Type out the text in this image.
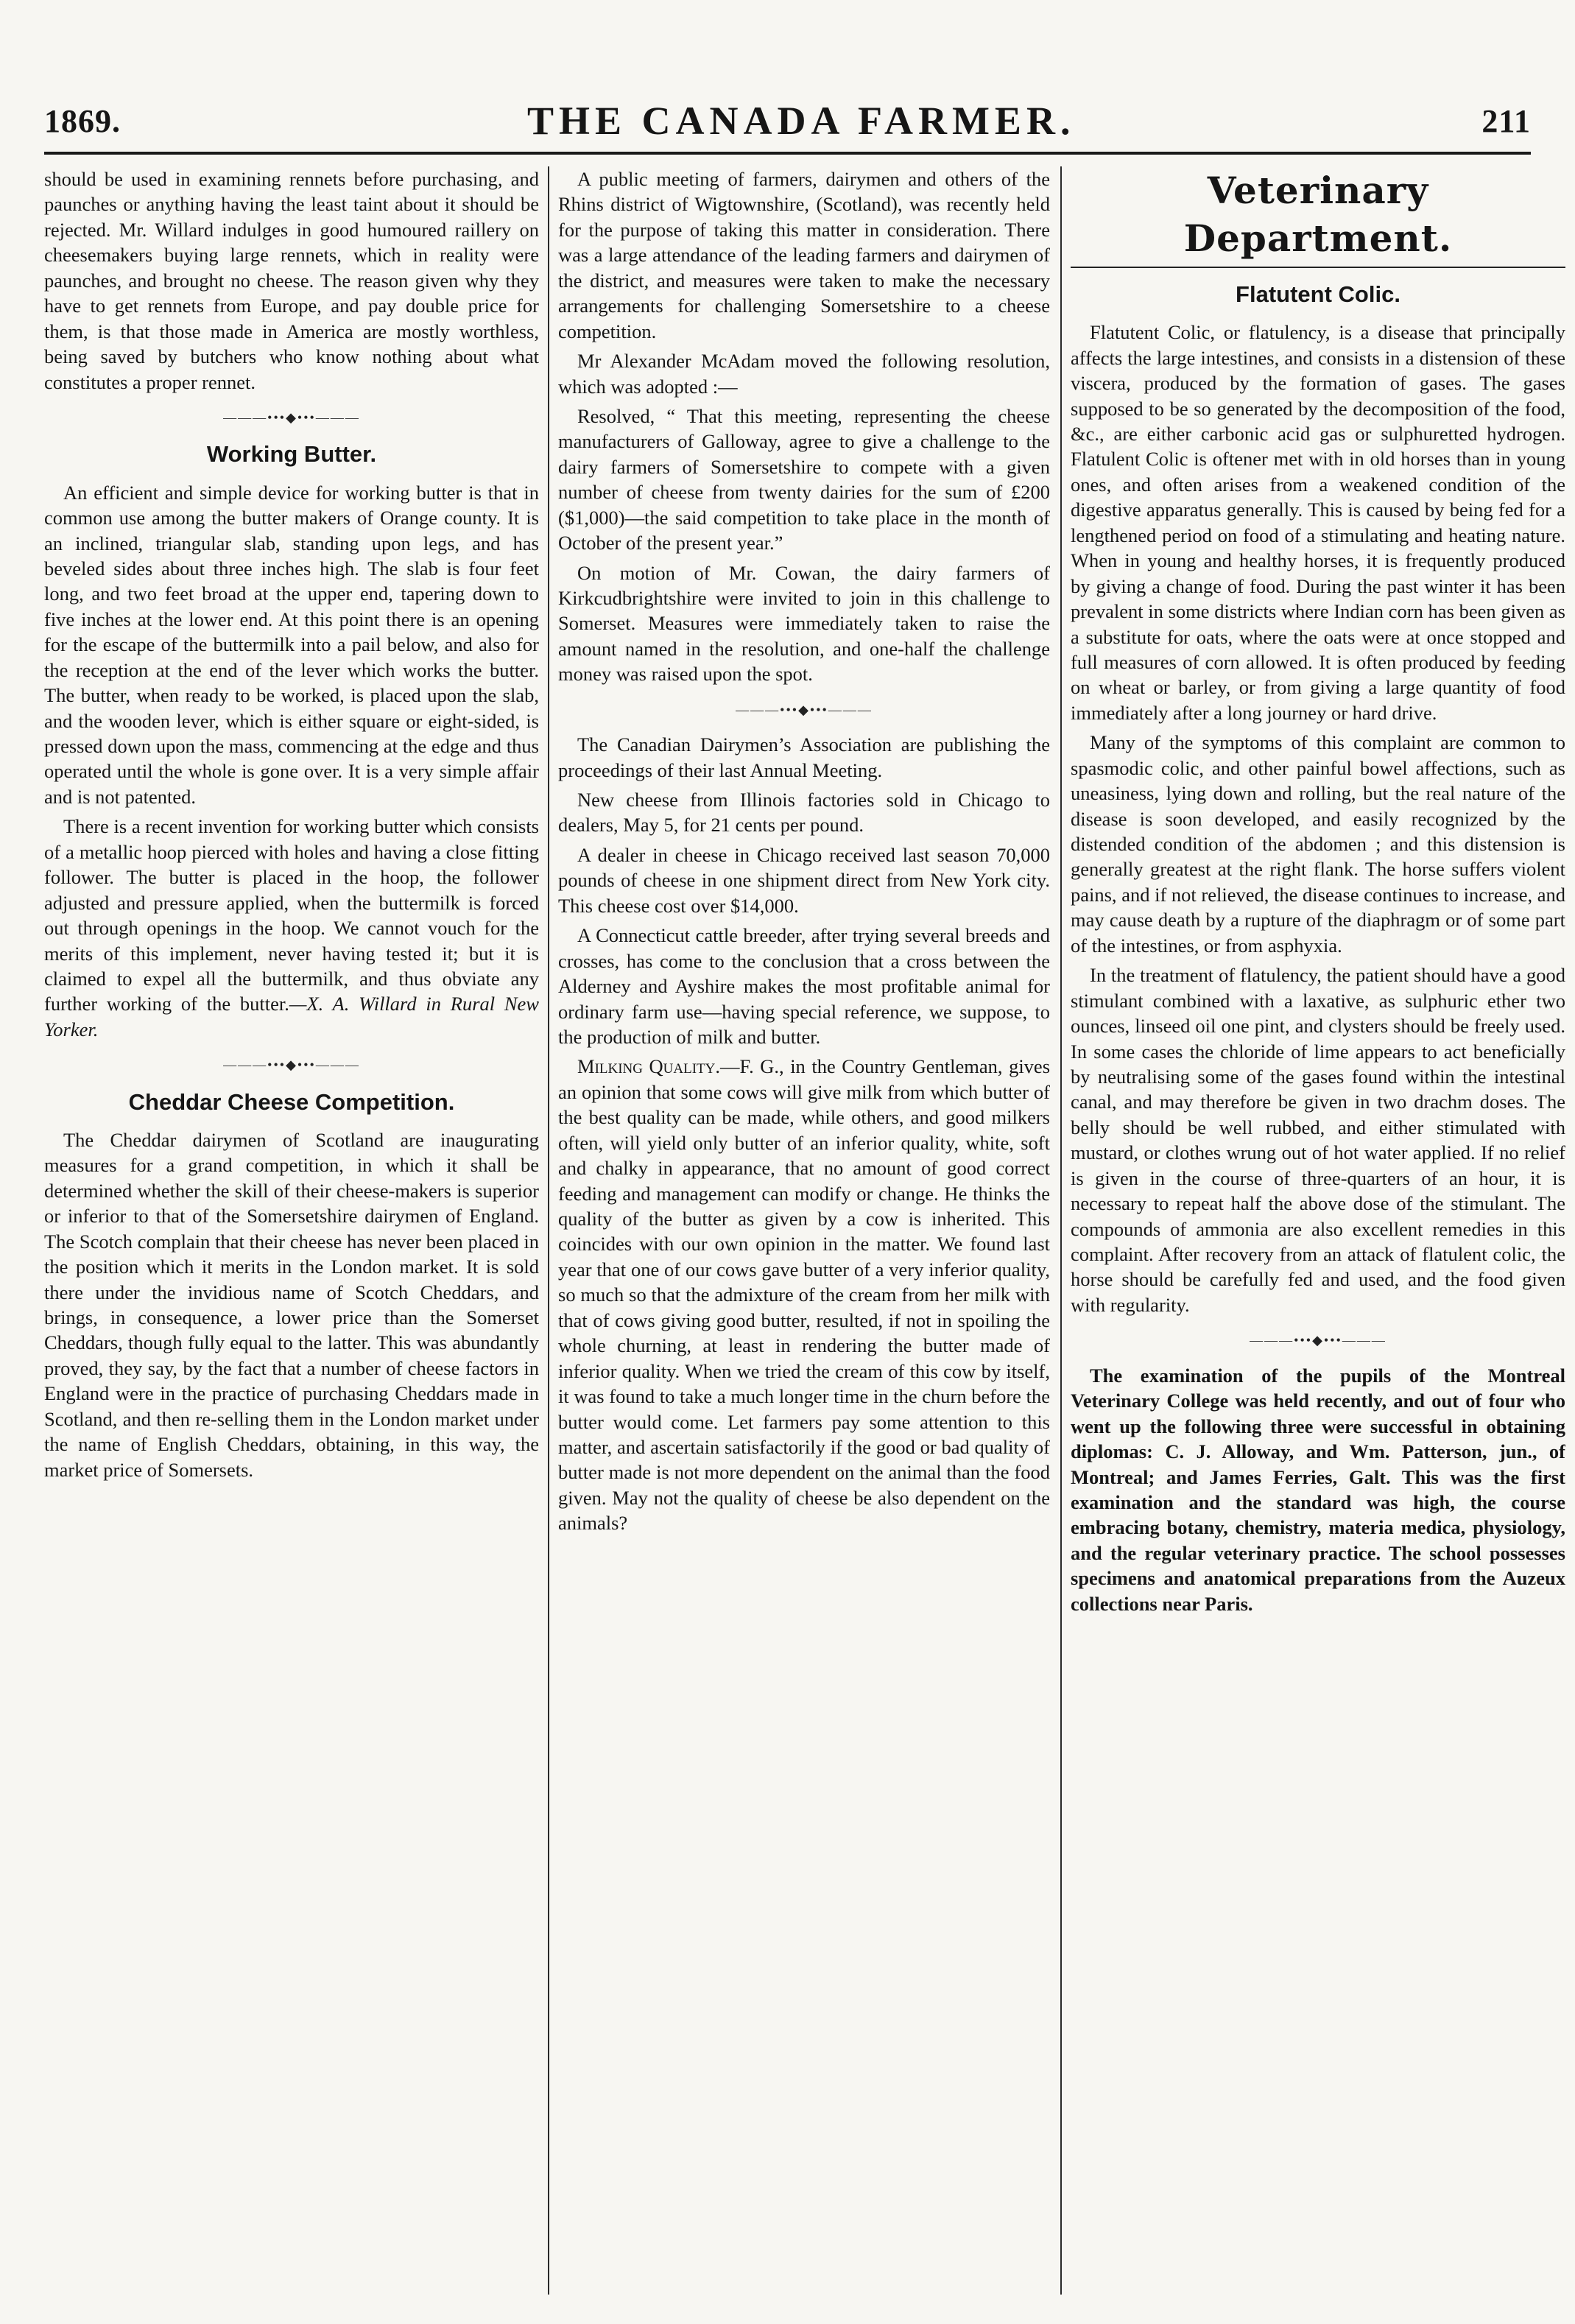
1869.	THE CANADA FARMER.	211

should be used in examining rennets before purchasing, and paunches or anything having the least taint about it should be rejected. Mr. Willard indulges in good humoured raillery on cheesemakers buying large rennets, which in reality were paunches, and brought no cheese. The reason given why they have to get rennets from Europe, and pay double price for them, is that those made in America are mostly worthless, being saved by butchers who know nothing about what constitutes a proper rennet.

———•••◆•••———
Working Butter.

An efficient and simple device for working butter is that in common use among the butter makers of Orange county. It is an inclined, triangular slab, standing upon legs, and has beveled sides about three inches high. The slab is four feet long, and two feet broad at the upper end, tapering down to five inches at the lower end. At this point there is an opening for the escape of the buttermilk into a pail below, and also for the reception at the end of the lever which works the butter. The butter, when ready to be worked, is placed upon the slab, and the wooden lever, which is either square or eight-sided, is pressed down upon the mass, commencing at the edge and thus operated until the whole is gone over. It is a very simple affair and is not patented.

There is a recent invention for working butter which consists of a metallic hoop pierced with holes and having a close fitting follower. The butter is placed in the hoop, the follower adjusted and pressure applied, when the buttermilk is forced out through openings in the hoop. We cannot vouch for the merits of this implement, never having tested it; but it is claimed to expel all the buttermilk, and thus obviate any further working of the butter.—X. A. Willard in Rural New Yorker.

———•••◆•••———
Cheddar Cheese Competition.

The Cheddar dairymen of Scotland are inaugurating measures for a grand competition, in which it shall be determined whether the skill of their cheese-makers is superior or inferior to that of the Somersetshire dairymen of England. The Scotch complain that their cheese has never been placed in the position which it merits in the London market. It is sold there under the invidious name of Scotch Cheddars, and brings, in consequence, a lower price than the Somerset Cheddars, though fully equal to the latter. This was abundantly proved, they say, by the fact that a number of cheese factors in England were in the practice of purchasing Cheddars made in Scotland, and then re-selling them in the London market under the name of English Cheddars, obtaining, in this way, the market price of Somersets.

A public meeting of farmers, dairymen and others of the Rhins district of Wigtownshire, (Scotland), was recently held for the purpose of taking this matter in consideration. There was a large attendance of the leading farmers and dairymen of the district, and measures were taken to make the necessary arrangements for challenging Somersetshire to a cheese competition.

Mr Alexander McAdam moved the following resolution, which was adopted :—

Resolved, “ That this meeting, representing the cheese manufacturers of Galloway, agree to give a challenge to the dairy farmers of Somersetshire to compete with a given number of cheese from twenty dairies for the sum of £200 ($1,000)—the said competition to take place in the month of October of the present year.”

On motion of Mr. Cowan, the dairy farmers of Kirkcudbrightshire were invited to join in this challenge to Somerset. Measures were immediately taken to raise the amount named in the resolution, and one-half the challenge money was raised upon the spot.

———•••◆•••———

The Canadian Dairymen’s Association are publishing the proceedings of their last Annual Meeting.

New cheese from Illinois factories sold in Chicago to dealers, May 5, for 21 cents per pound.

A dealer in cheese in Chicago received last season 70,000 pounds of cheese in one shipment direct from New York city. This cheese cost over $14,000.

A Connecticut cattle breeder, after trying several breeds and crosses, has come to the conclusion that a cross between the Alderney and Ayshire makes the most profitable animal for ordinary farm use—having special reference, we suppose, to the production of milk and butter.

Milking Quality.—F. G., in the Country Gentleman, gives an opinion that some cows will give milk from which butter of the best quality can be made, while others, and good milkers often, will yield only butter of an inferior quality, white, soft and chalky in appearance, that no amount of good correct feeding and management can modify or change. He thinks the quality of the butter as given by a cow is inherited. This coincides with our own opinion in the matter. We found last year that one of our cows gave butter of a very inferior quality, so much so that the admixture of the cream from her milk with that of cows giving good butter, resulted, if not in spoiling the whole churning, at least in rendering the butter made of inferior quality. When we tried the cream of this cow by itself, it was found to take a much longer time in the churn before the butter would come. Let farmers pay some attention to this matter, and ascertain satisfactorily if the good or bad quality of butter made is not more dependent on the animal than the food given. May not the quality of cheese be also dependent on the animals?

Veterinary Department.
Flatutent Colic.

Flatutent Colic, or flatulency, is a disease that principally affects the large intestines, and consists in a distension of these viscera, produced by the formation of gases. The gases supposed to be so generated by the decomposition of the food, &c., are either carbonic acid gas or sulphuretted hydrogen. Flatulent Colic is oftener met with in old horses than in young ones, and often arises from a weakened condition of the digestive apparatus generally. This is caused by being fed for a lengthened period on food of a stimulating and heating nature. When in young and healthy horses, it is frequently produced by giving a change of food. During the past winter it has been prevalent in some districts where Indian corn has been given as a substitute for oats, where the oats were at once stopped and full measures of corn allowed. It is often produced by feeding on wheat or barley, or from giving a large quantity of food immediately after a long journey or hard drive.

Many of the symptoms of this complaint are common to spasmodic colic, and other painful bowel affections, such as uneasiness, lying down and rolling, but the real nature of the disease is soon developed, and easily recognized by the distended condition of the abdomen ; and this distension is generally greatest at the right flank. The horse suffers violent pains, and if not relieved, the disease continues to increase, and may cause death by a rupture of the diaphragm or of some part of the intestines, or from asphyxia.

In the treatment of flatulency, the patient should have a good stimulant combined with a laxative, as sulphuric ether two ounces, linseed oil one pint, and clysters should be freely used. In some cases the chloride of lime appears to act beneficially by neutralising some of the gases found within the intestinal canal, and may therefore be given in two drachm doses. The belly should be well rubbed, and either stimulated with mustard, or clothes wrung out of hot water applied. If no relief is given in the course of three-quarters of an hour, it is necessary to repeat half the above dose of the stimulant. The compounds of ammonia are also excellent remedies in this complaint. After recovery from an attack of flatulent colic, the horse should be carefully fed and used, and the food given with regularity.

———•••◆•••———

The examination of the pupils of the Montreal Veterinary College was held recently, and out of four who went up the following three were successful in obtaining diplomas: C. J. Alloway, and Wm. Patterson, jun., of Montreal; and James Ferries, Galt. This was the first examination and the standard was high, the course embracing botany, chemistry, materia medica, physiology, and the regular veterinary practice. The school possesses specimens and anatomical preparations from the Auzeux collections near Paris.
